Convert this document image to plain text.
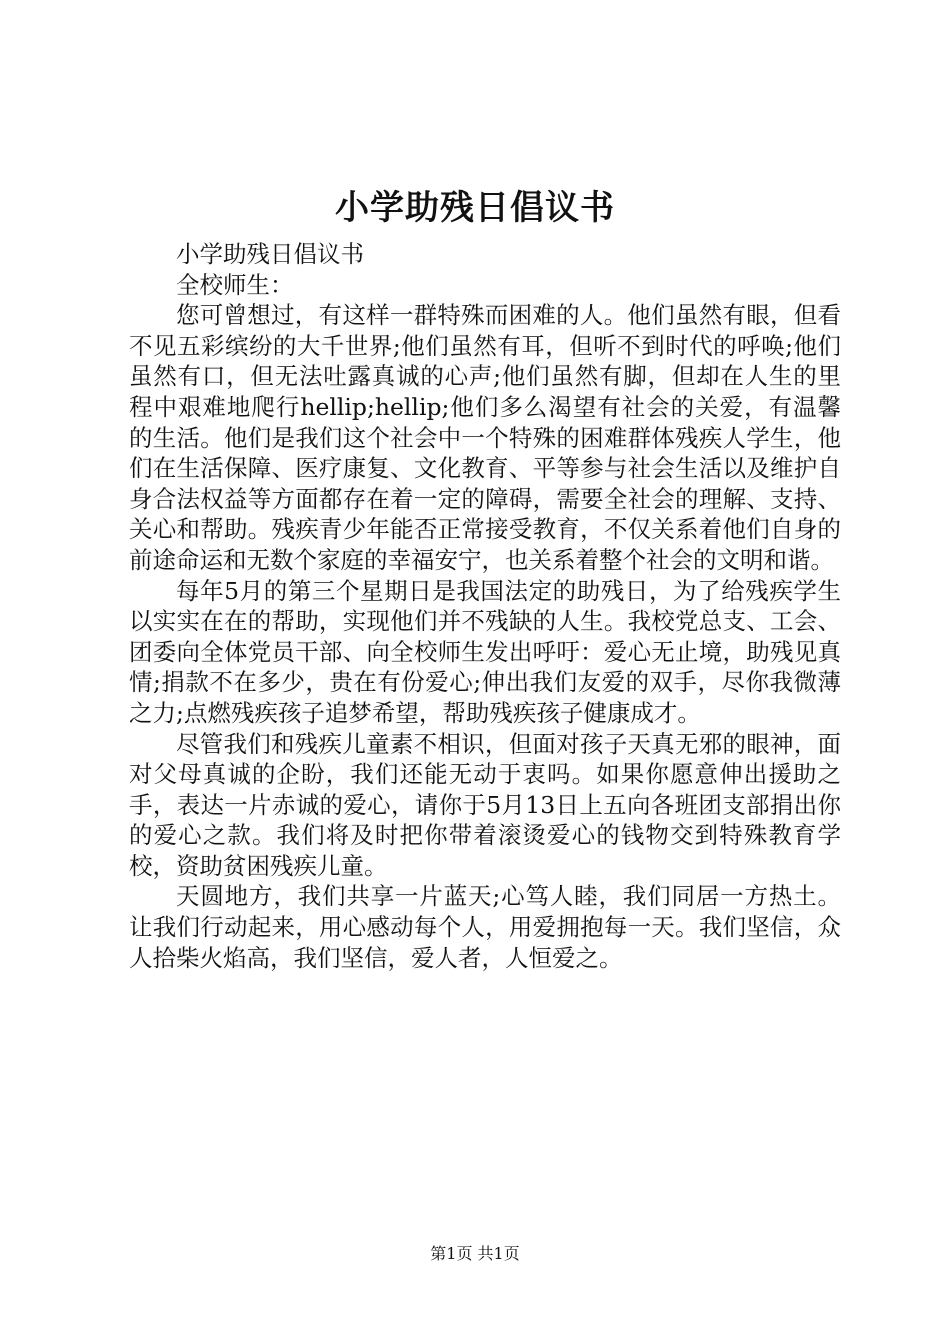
小学助残日倡议书

小学助残日倡议书

全校师生：

您可曾想过，有这样一群特殊而困难的人。他们虽然有眼，但看不见五彩缤纷的大千世界;他们虽然有耳，但听不到时代的呼唤;他们虽然有口，但无法吐露真诚的心声;他们虽然有脚，但却在人生的里程中艰难地爬行hellip;hellip;他们多么渴望有社会的关爱，有温馨的生活。他们是我们这个社会中一个特殊的困难群体残疾人学生，他们在生活保障、医疗康复、文化教育、平等参与社会生活以及维护自身合法权益等方面都存在着一定的障碍，需要全社会的理解、支持、关心和帮助。残疾青少年能否正常接受教育，不仅关系着他们自身的前途命运和无数个家庭的幸福安宁，也关系着整个社会的文明和谐。

每年5月的第三个星期日是我国法定的助残日，为了给残疾学生以实实在在的帮助，实现他们并不残缺的人生。我校党总支、工会、团委向全体党员干部、向全校师生发出呼吁：爱心无止境，助残见真情;捐款不在多少，贵在有份爱心;伸出我们友爱的双手，尽你我微薄之力;点燃残疾孩子追梦希望，帮助残疾孩子健康成才。

尽管我们和残疾儿童素不相识，但面对孩子天真无邪的眼神，面对父母真诚的企盼，我们还能无动于衷吗。如果你愿意伸出援助之手，表达一片赤诚的爱心，请你于5月13日上五向各班团支部捐出你的爱心之款。我们将及时把你带着滚烫爱心的钱物交到特殊教育学校，资助贫困残疾儿童。

天圆地方，我们共享一片蓝天;心笃人睦，我们同居一方热土。让我们行动起来，用心感动每个人，用爱拥抱每一天。我们坚信，众人拾柴火焰高，我们坚信，爱人者，人恒爱之。

第1页 共1页
